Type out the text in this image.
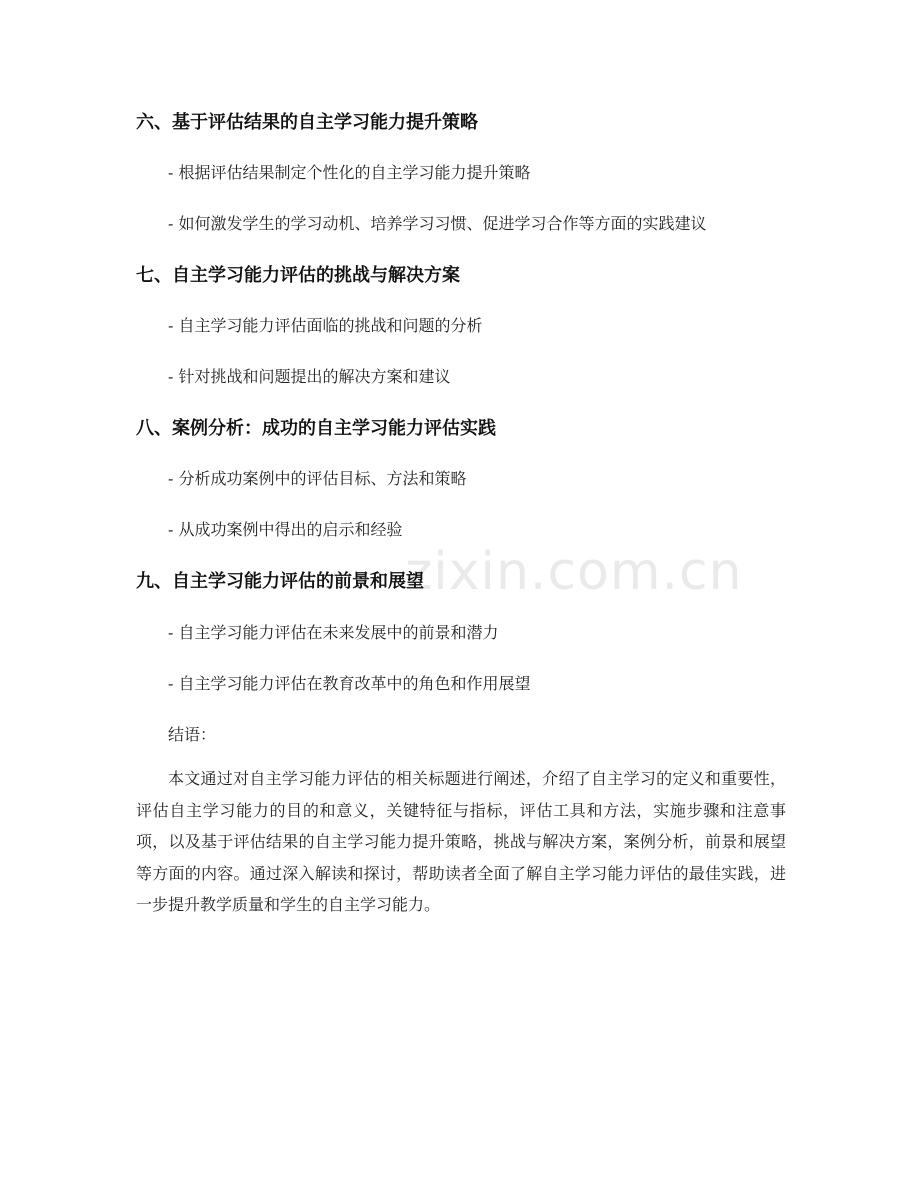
zixin.com.cn
六、基于评估结果的自主学习能力提升策略
- 根据评估结果制定个性化的自主学习能力提升策略
- 如何激发学生的学习动机、培养学习习惯、促进学习合作等方面的实践建议
七、自主学习能力评估的挑战与解决方案
- 自主学习能力评估面临的挑战和问题的分析
- 针对挑战和问题提出的解决方案和建议
八、案例分析：成功的自主学习能力评估实践
- 分析成功案例中的评估目标、方法和策略
- 从成功案例中得出的启示和经验
九、自主学习能力评估的前景和展望
- 自主学习能力评估在未来发展中的前景和潜力
- 自主学习能力评估在教育改革中的角色和作用展望
结语：

本文通过对自主学习能力评估的相关标题进行阐述，介绍了自主学习的定义和重要性，评估自主学习能力的目的和意义，关键特征与指标，评估工具和方法，实施步骤和注意事项，以及基于评估结果的自主学习能力提升策略，挑战与解决方案，案例分析，前景和展望等方面的内容。通过深入解读和探讨，帮助读者全面了解自主学习能力评估的最佳实践，进一步提升教学质量和学生的自主学习能力。
